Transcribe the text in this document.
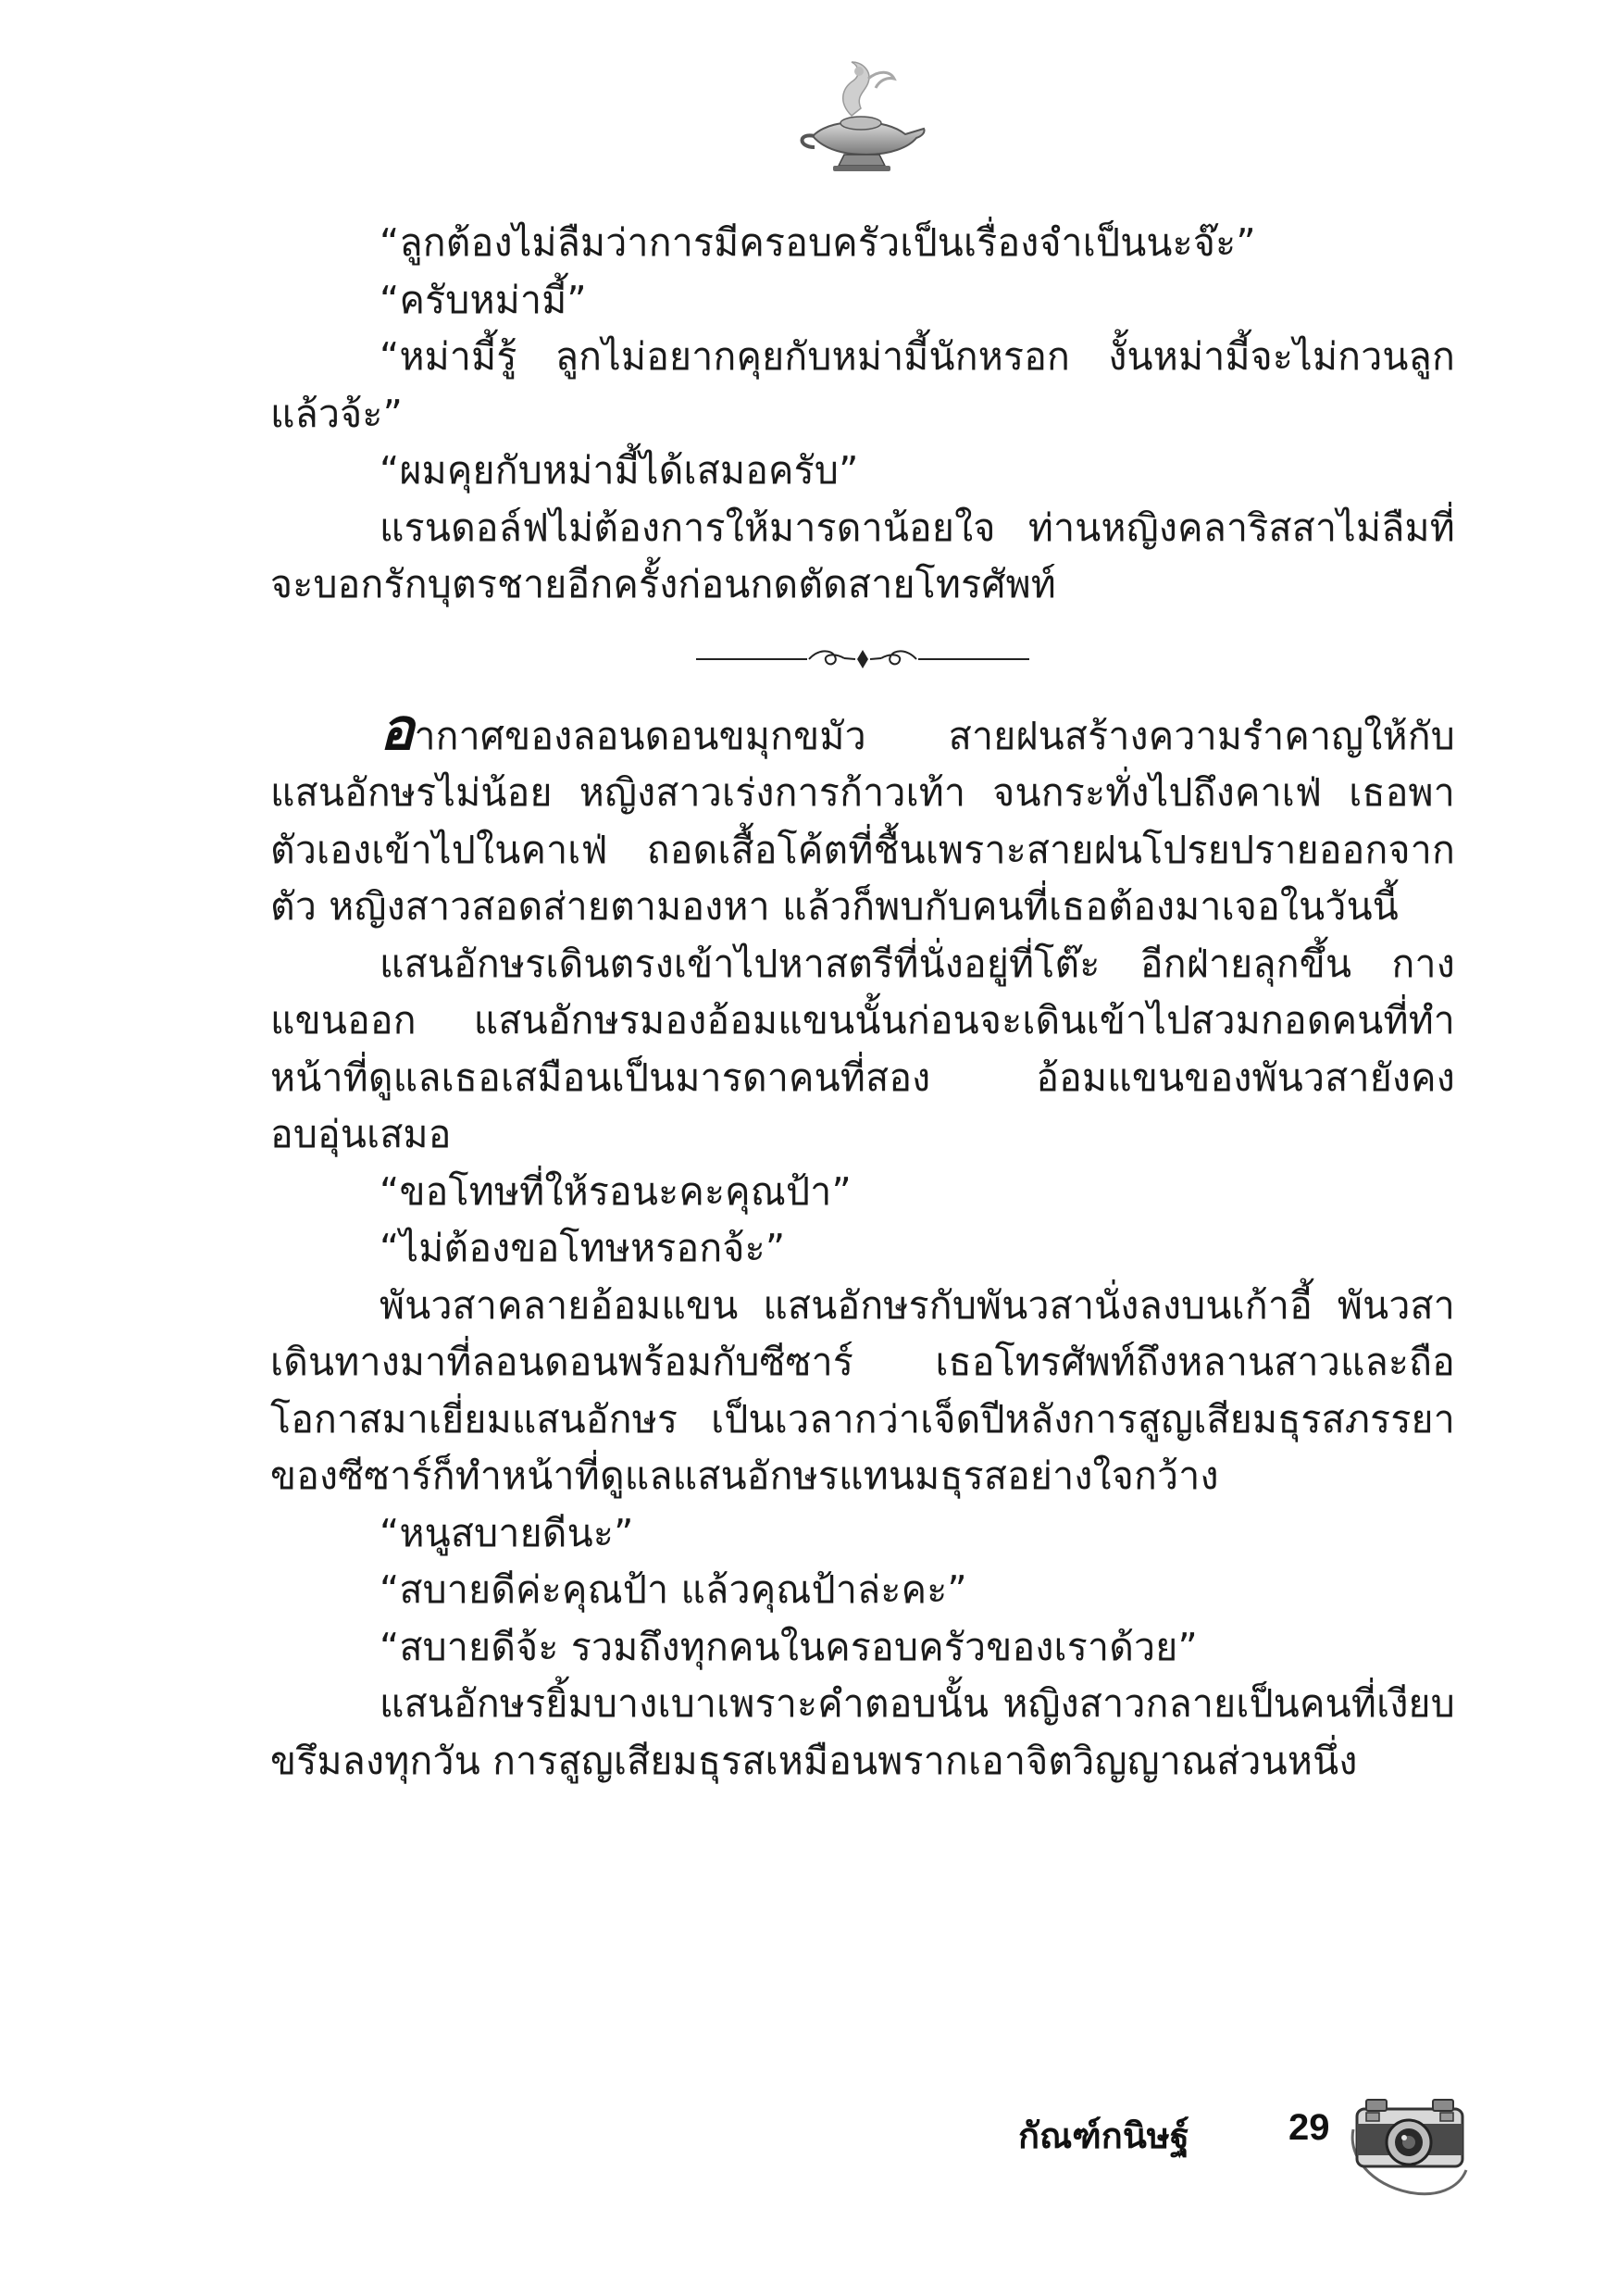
“ลูกต้องไม่ลืมว่าการมีครอบครัวเป็นเรื่องจำเป็นนะจ๊ะ”

“ครับหม่ามี้”

“หม่ามี้รู้ ลูกไม่อยากคุยกับหม่ามี้นักหรอก งั้นหม่ามี้จะไม่กวนลูกแล้วจ้ะ”

“ผมคุยกับหม่ามี้ได้เสมอครับ”

แรนดอล์ฟไม่ต้องการให้มารดาน้อยใจ ท่านหญิงคลาริสสาไม่ลืมที่จะบอกรักบุตรชายอีกครั้งก่อนกดตัดสายโทรศัพท์

อากาศของลอนดอนขมุกขมัว สายฝนสร้างความรำคาญให้กับแสนอักษรไม่น้อย หญิงสาวเร่งการก้าวเท้า จนกระทั่งไปถึงคาเฟ่ เธอพาตัวเองเข้าไปในคาเฟ่ ถอดเสื้อโค้ตที่ชื้นเพราะสายฝนโปรยปรายออกจากตัว หญิงสาวสอดส่ายตามองหา แล้วก็พบกับคนที่เธอต้องมาเจอในวันนี้

แสนอักษรเดินตรงเข้าไปหาสตรีที่นั่งอยู่ที่โต๊ะ อีกฝ่ายลุกขึ้น กางแขนออก แสนอักษรมองอ้อมแขนนั้นก่อนจะเดินเข้าไปสวมกอดคนที่ทำหน้าที่ดูแลเธอเสมือนเป็นมารดาคนที่สอง อ้อมแขนของพันวสายังคงอบอุ่นเสมอ

“ขอโทษที่ให้รอนะคะคุณป้า”

“ไม่ต้องขอโทษหรอกจ้ะ”

พันวสาคลายอ้อมแขน แสนอักษรกับพันวสานั่งลงบนเก้าอี้ พันวสาเดินทางมาที่ลอนดอนพร้อมกับซีซาร์ เธอโทรศัพท์ถึงหลานสาวและถือโอกาสมาเยี่ยมแสนอักษร เป็นเวลากว่าเจ็ดปีหลังการสูญเสียมธุรสภรรยาของซีซาร์ก็ทำหน้าที่ดูแลแสนอักษรแทนมธุรสอย่างใจกว้าง

“หนูสบายดีนะ”

“สบายดีค่ะคุณป้า แล้วคุณป้าล่ะคะ”

“สบายดีจ้ะ รวมถึงทุกคนในครอบครัวของเราด้วย”

แสนอักษรยิ้มบางเบาเพราะคำตอบนั้น หญิงสาวกลายเป็นคนที่เงียบขรึมลงทุกวัน การสูญเสียมธุรสเหมือนพรากเอาจิตวิญญาณส่วนหนึ่ง

กัณฑ์กนิษฐ์	29
